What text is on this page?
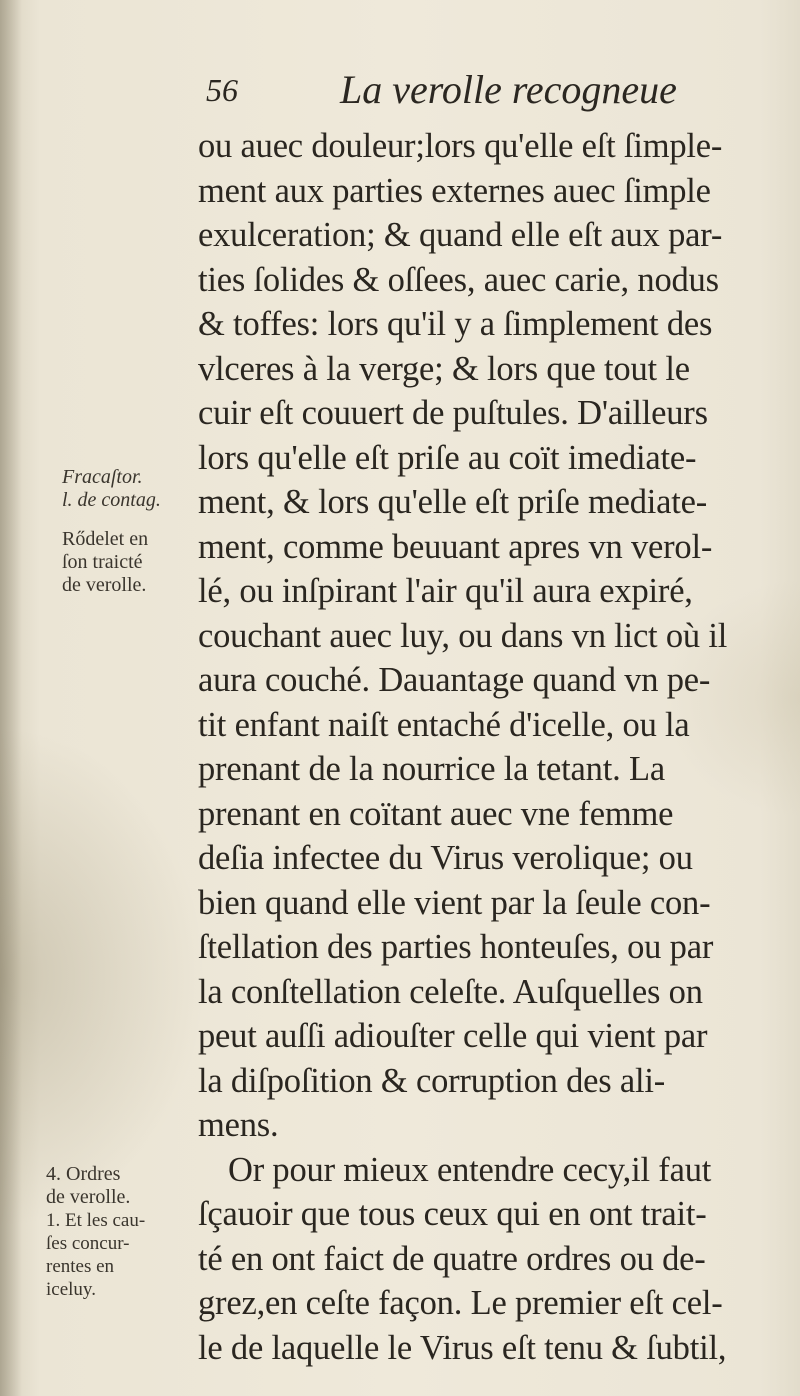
56	La verolle recogneue
ou auec douleur;lors qu'elle eſt ſimple-
ment aux parties externes auec ſimple
exulceration; & quand elle eſt aux par-
ties ſolides & oſſees, auec carie, nodus
& toffes: lors qu'il y a ſimplement des
vlceres à la verge; & lors que tout le
cuir eſt couuert de puſtules. D'ailleurs
lors qu'elle eſt priſe au coït imediate-
ment, & lors qu'elle eſt priſe mediate-
ment, comme beuuant apres vn verol-
lé, ou inſpirant l'air qu'il aura expiré,
couchant auec luy, ou dans vn lict où il
aura couché. Dauantage quand vn pe-
tit enfant naiſt entaché d'icelle, ou la
prenant de la nourrice la tetant. La
prenant en coïtant auec vne femme
deſia infectee du Virus verolique; ou
bien quand elle vient par la ſeule con-
ſtellation des parties honteuſes, ou par
la conſtellation celeſte. Auſquelles on
peut auſſi adiouſter celle qui vient par
la diſpoſition & corruption des ali-
mens.
Or pour mieux entendre cecy,il faut
ſçauoir que tous ceux qui en ont trait-
té en ont faict de quatre ordres ou de-
grez,en ceſte façon. Le premier eſt cel-
le de laquelle le Virus eſt tenu & ſubtil,
Fracaſtor.
l. de contag.
Rődelet en
ſon traicté
de verolle.
4. Ordres
de verolle.
1. Et les cau-
ſes concur-
rentes en
iceluy.
